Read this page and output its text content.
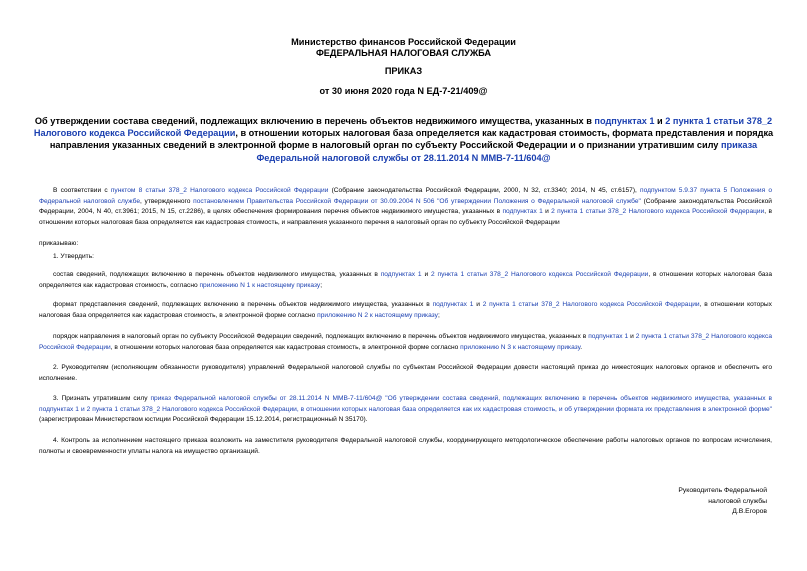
Министерство финансов Российской Федерации
ФЕДЕРАЛЬНАЯ НАЛОГОВАЯ СЛУЖБА
ПРИКАЗ
от 30 июня 2020 года N ЕД-7-21/409@
Об утверждении состава сведений, подлежащих включению в перечень объектов недвижимого имущества, указанных в подпунктах 1 и 2 пункта 1 статьи 378_2 Налогового кодекса Российской Федерации, в отношении которых налоговая база определяется как кадастровая стоимость, формата представления и порядка направления указанных сведений в электронной форме в налоговый орган по субъекту Российской Федерации и о признании утратившим силу приказа Федеральной налоговой службы от 28.11.2014 N ММВ-7-11/604@
В соответствии с пунктом 8 статьи 378_2 Налогового кодекса Российской Федерации (Собрание законодательства Российской Федерации, 2000, N 32, ст.3340; 2014, N 45, ст.6157), подпунктом 5.9.37 пункта 5 Положения о Федеральной налоговой службе, утвержденного постановлением Правительства Российской Федерации от 30.09.2004 N 506 "Об утверждении Положения о Федеральной налоговой службе" (Собрание законодательства Российской Федерации, 2004, N 40, ст.3961; 2015, N 15, ст.2286), в целях обеспечения формирования перечня объектов недвижимого имущества, указанных в подпунктах 1 и 2 пункта 1 статьи 378_2 Налогового кодекса Российской Федерации, в отношении которых налоговая база определяется как кадастровая стоимость, и направления указанного перечня в налоговый орган по субъекту Российской Федерации
приказываю:
1. Утвердить:
состав сведений, подлежащих включению в перечень объектов недвижимого имущества, указанных в подпунктах 1 и 2 пункта 1 статьи 378_2 Налогового кодекса Российской Федерации, в отношении которых налоговая база определяется как кадастровая стоимость, согласно приложению N 1 к настоящему приказу;
формат представления сведений, подлежащих включению в перечень объектов недвижимого имущества, указанных в подпунктах 1 и 2 пункта 1 статьи 378_2 Налогового кодекса Российской Федерации, в отношении которых налоговая база определяется как кадастровая стоимость, в электронной форме согласно приложению N 2 к настоящему приказу;
порядок направления в налоговый орган по субъекту Российской Федерации сведений, подлежащих включению в перечень объектов недвижимого имущества, указанных в подпунктах 1 и 2 пункта 1 статьи 378_2 Налогового кодекса Российской Федерации, в отношении которых налоговая база определяется как кадастровая стоимость, в электронной форме согласно приложению N 3 к настоящему приказу.
2. Руководителям (исполняющим обязанности руководителя) управлений Федеральной налоговой службы по субъектам Российской Федерации довести настоящий приказ до нижестоящих налоговых органов и обеспечить его исполнение.
3. Признать утратившим силу приказ Федеральной налоговой службы от 28.11.2014 N ММВ-7-11/604@ "Об утверждении состава сведений, подлежащих включению в перечень объектов недвижимого имущества, указанных в подпунктах 1 и 2 пункта 1 статьи 378_2 Налогового кодекса Российской Федерации, в отношении которых налоговая база определяется как их кадастровая стоимость, и об утверждении формата их представления в электронной форме" (зарегистрирован Министерством юстиции Российской Федерации 15.12.2014, регистрационный N 35170).
4. Контроль за исполнением настоящего приказа возложить на заместителя руководителя Федеральной налоговой службы, координирующего методологическое обеспечение работы налоговых органов по вопросам исчисления, полноты и своевременности уплаты налога на имущество организаций.
Руководитель Федеральной
налоговой службы
Д.В.Егоров
